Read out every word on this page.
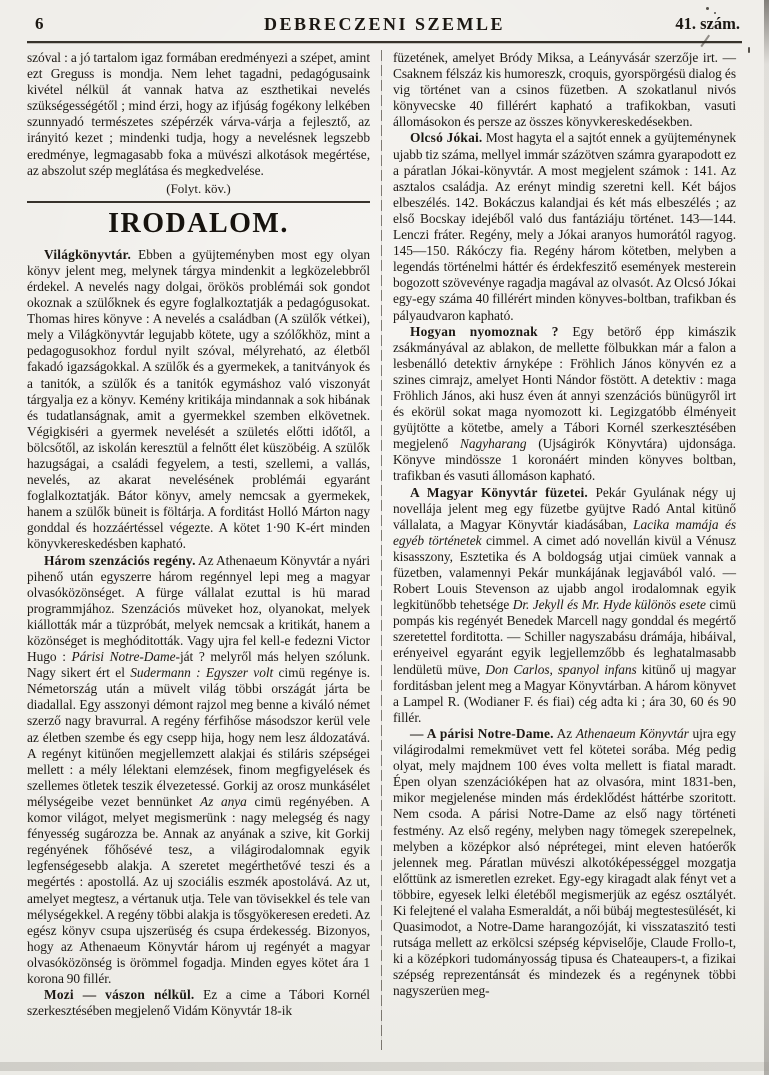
6	DEBRECZENI SZEMLE	41. szám.

szóval : a jó tartalom igaz formában eredményezi a szépet, amint ezt Greguss is mondja. Nem lehet tagadni, pedagógusaink kivétel nélkül át vannak hatva az eszthetikai nevelés szükségességétől ; mind érzi, hogy az ifjúság fogékony lelkében szunnyadó természetes szépérzék várva-várja a fejlesztő, az irányitó kezet ; mindenki tudja, hogy a nevelésnek legszebb eredménye, legmagasabb foka a müvészi alkotások megértése, az abszolut szép meglátása és megkedvelése.

(Folyt. köv.)

IRODALOM.

Világkönyvtár. Ebben a gyüjteményben most egy olyan könyv jelent meg, melynek tárgya mindenkit a legközelebbről érdekel. A nevelés nagy dolgai, örökös problémái sok gondot okoznak a szülőknek és egyre foglalkoztatják a pedagógusokat. Thomas hires könyve : A nevelés a családban (A szülők vétkei), mely a Világkönyvtár legujabb kötete, ugy a szólőkhöz, mint a pedagogusokhoz fordul nyilt szóval, mélyreható, az életből fakadó igazságokkal. A szülők és a gyermekek, a tanitványok és a tanitók, a szülők és a tanitók egymáshoz való viszonyát tárgyalja ez a könyv. Kemény kritikája mindannak a sok hibának és tudatlanságnak, amit a gyermekkel szemben elkövetnek. Végigkiséri a gyermek nevelését a születés előtti időtől, a bölcsőtől, az iskolán keresztül a felnőtt élet küszöbéig. A szülők hazugságai, a családi fegyelem, a testi, szellemi, a vallás, nevelés, az akarat nevelésének problémái egyaránt foglalkoztatják. Bátor könyv, amely nemcsak a gyermekek, hanem a szülők büneit is föltárja. A forditást Holló Márton nagy gonddal és hozzáértéssel végezte. A kötet 1·90 K-ért minden könyvkereskedésben kapható.

Három szenzációs regény. Az Athenaeum Könyvtár a nyári pihenő után egyszerre három regénnyel lepi meg a magyar olvasóközönséget. A fürge vállalat ezuttal is hü marad programmjához. Szenzációs müveket hoz, olyanokat, melyek kiállották már a tüzpróbát, melyek nemcsak a kritikát, hanem a közönséget is meghóditották. Vagy ujra fel kell-e fedezni Victor Hugo : Párisi Notre-Dame-ját ? melyről más helyen szólunk. Nagy sikert ért el Sudermann : Egyszer volt cimü regénye is. Németország után a müvelt világ többi országát járta be diadallal. Egy asszonyi démont rajzol meg benne a kiváló német szerző nagy bravurral. A regény férfihőse másodszor kerül vele az életben szembe és egy csepp hija, hogy nem lesz áldozatává. A regényt kitünően megjellemzett alakjai és stiláris szépségei mellett : a mély lélektani elemzések, finom megfigyelések és szellemes ötletek teszik élvezetessé. Gorkij az orosz munkásélet mélységeibe vezet bennünket Az anya cimü regényében. A komor világot, melyet megismerünk : nagy melegség és nagy fényesség sugározza be. Annak az anyának a szive, kit Gorkij regényének főhősévé tesz, a világirodalomnak egyik legfenségesebb alakja. A szeretet megérthetővé teszi és a megértés : apostollá. Az uj szociális eszmék apostolává. Az ut, amelyet megtesz, a vértanuk utja. Tele van tövisekkel és tele van mélységekkel. A regény többi alakja is tősgyökeresen eredeti. Az egész könyv csupa ujszerüség és csupa érdekesség. Bizonyos, hogy az Athenaeum Könyvtár három uj regényét a magyar olvasóközönség is örömmel fogadja. Minden egyes kötet ára 1 korona 90 fillér.

Mozi — vászon nélkül. Ez a cime a Tábori Kornél szerkesztésében megjelenő Vidám Könyvtár 18-ik

füzetének, amelyet Bródy Miksa, a Leányvásár szerzője irt. — Csaknem félszáz kis humoreszk, croquis, gyorspörgésü dialog és vig történet van a csinos füzetben. A szokatlanul nivós könyvecske 40 fillérért kapható a trafikokban, vasuti állomásokon és persze az összes könyvkereskedésekben.

Olcsó Jókai. Most hagyta el a sajtót ennek a gyüjteménynek ujabb tiz száma, mellyel immár százötven számra gyarapodott ez a páratlan Jókai-könyvtár. A most megjelent számok : 141. Az asztalos családja. Az erényt mindig szeretni kell. Két bájos elbeszélés. 142. Bokáczus kalandjai és két más elbeszélés ; az első Bocskay idejéből való dus fantáziáju történet. 143—144. Lenczi fráter. Regény, mely a Jókai aranyos humorától ragyog. 145—150. Rákóczy fia. Regény három kötetben, melyben a legendás történelmi háttér és érdekfeszitő események mesterein bogozott szövevénye ragadja magával az olvasót. Az Olcsó Jókai egy-egy száma 40 fillérért minden könyves-boltban, trafikban és pályaudvaron kapható.

Hogyan nyomoznak ? Egy betörő épp kimászik zsákmányával az ablakon, de mellette fölbukkan már a falon a lesbenálló detektiv árnyképe : Fröhlich János könyvén ez a szines cimrajz, amelyet Honti Nándor föstött. A detektiv : maga Fröhlich János, aki husz éven át annyi szenzációs bünügyről irt és ekörül sokat maga nyomozott ki. Legizgatóbb élményeit gyüjtötte a kötetbe, amely a Tábori Kornél szerkesztésében megjelenő Nagyharang (Ujságirók Könyvtára) ujdonsága. Könyve mindössze 1 koronáért minden könyves boltban, trafikban és vasuti állomáson kapható.

A Magyar Könyvtár füzetei. Pekár Gyulának négy uj novellája jelent meg egy füzetbe gyüjtve Radó Antal kitünő vállalata, a Magyar Könyvtár kiadásában, Lacika mamája és egyéb történetek cimmel. A cimet adó novellán kivül a Vénusz kisasszony, Esztetika és A boldogság utjai cimüek vannak a füzetben, valamennyi Pekár munkájának legjavából való. — Robert Louis Stevenson az ujabb angol irodalomnak egyik legkitünőbb tehetsége Dr. Jekyll és Mr. Hyde különös esete cimü pompás kis regényét Benedek Marcell nagy gonddal és megértő szeretettel forditotta. — Schiller nagyszabásu drámája, hibáival, erényeivel egyaránt egyik legjellemzőbb és leghatalmasabb lendületü müve, Don Carlos, spanyol infans kitünő uj magyar forditásban jelent meg a Magyar Könyvtárban. A három könyvet a Lampel R. (Wodianer F. és fiai) cég adta ki ; ára 30, 60 és 90 fillér.

— A párisi Notre-Dame. Az Athenaeum Könyvtár ujra egy világirodalmi remekmüvet vett fel kötetei sorába. Még pedig olyat, mely majdnem 100 éves volta mellett is fiatal maradt. Épen olyan szenzációképen hat az olvasóra, mint 1831-ben, mikor megjelenése minden más érdeklődést háttérbe szoritott. Nem csoda. A párisi Notre-Dame az első nagy történeti festmény. Az első regény, melyben nagy tömegek szerepelnek, melyben a középkor alsó néprétegei, mint eleven hatóerők jelennek meg. Páratlan müvészi alkotóképességgel mozgatja előttünk az ismeretlen ezreket. Egy-egy kiragadt alak fényt vet a többire, egyesek lelki életéből megismerjük az egész osztályét. Ki felejtené el valaha Esmeraldát, a női bübáj megtestesülését, ki Quasimodot, a Notre-Dame harangozóját, ki visszataszitó testi rutsága mellett az erkölcsi szépség képviselője, Claude Frollo-t, ki a középkori tudományosság tipusa és Chateaupers-t, a fizikai szépség reprezentánsát és mindezek és a regénynek többi nagyszerüen meg-
